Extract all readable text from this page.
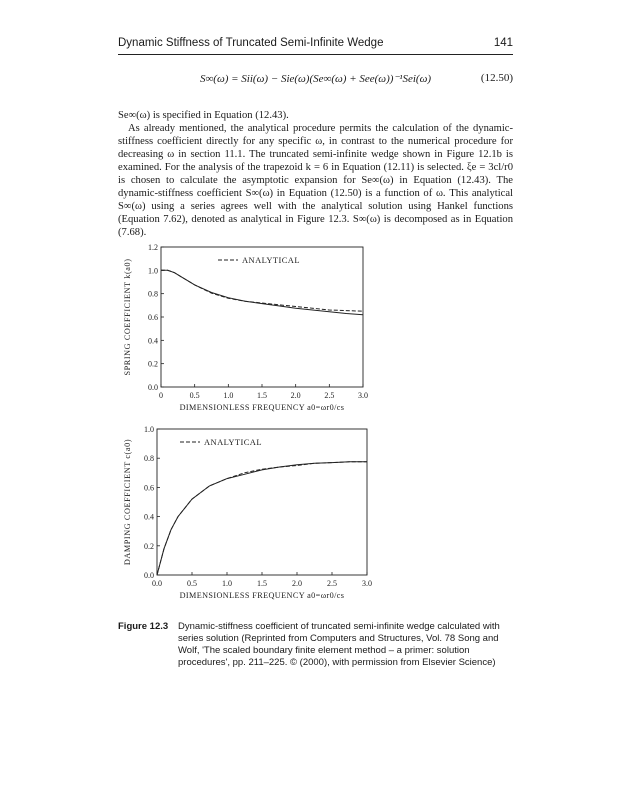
Dynamic Stiffness of Truncated Semi-Infinite Wedge	141
S∞(ω) = Sii(ω) − Sie(ω)(Se∞(ω) + See(ω))⁻¹Sei(ω)	(12.50)

Se∞(ω) is specified in Equation (12.43).

As already mentioned, the analytical procedure permits the calculation of the dynamic-stiffness coefficient directly for any specific ω, in contrast to the numerical procedure for decreasing ω in section 11.1. The truncated semi-infinite wedge shown in Figure 12.1b is examined. For the analysis of the trapezoid k = 6 in Equation (12.11) is selected. ξe = 3cl/r0 is chosen to calculate the asymptotic expansion for Se∞(ω) in Equation (12.43). The dynamic-stiffness coefficient S∞(ω) in Equation (12.50) is a function of ω. This analytical S∞(ω) using a series agrees well with the analytical solution using Hankel functions (Equation 7.62), denoted as analytical in Figure 12.3. S∞(ω) is decomposed as in Equation (7.68).

0	0.5	1.0	1.5	2.0	2.5	3.0
0.0
0.2
0.4
0.6
0.8
1.0
1.2
DIMENSIONLESS FREQUENCY a0=ωr0/cs
SPRING COEFFICIENT k(a0)	ANALYTICAL
0.0	0.5	1.0	1.5	2.0	2.5	3.0
0.0
0.2
0.4
0.6
0.8
1.0
DIMENSIONLESS FREQUENCY a0=ωr0/cs
DAMPING COEFFICIENT c(a0)	ANALYTICAL
Figure 12.3	Dynamic-stiffness coefficient of truncated semi-infinite wedge calculated with series solution (Reprinted from Computers and Structures, Vol. 78 Song and Wolf, 'The scaled boundary finite element method – a primer: solution procedures', pp. 211–225. © (2000), with permission from Elsevier Science)
